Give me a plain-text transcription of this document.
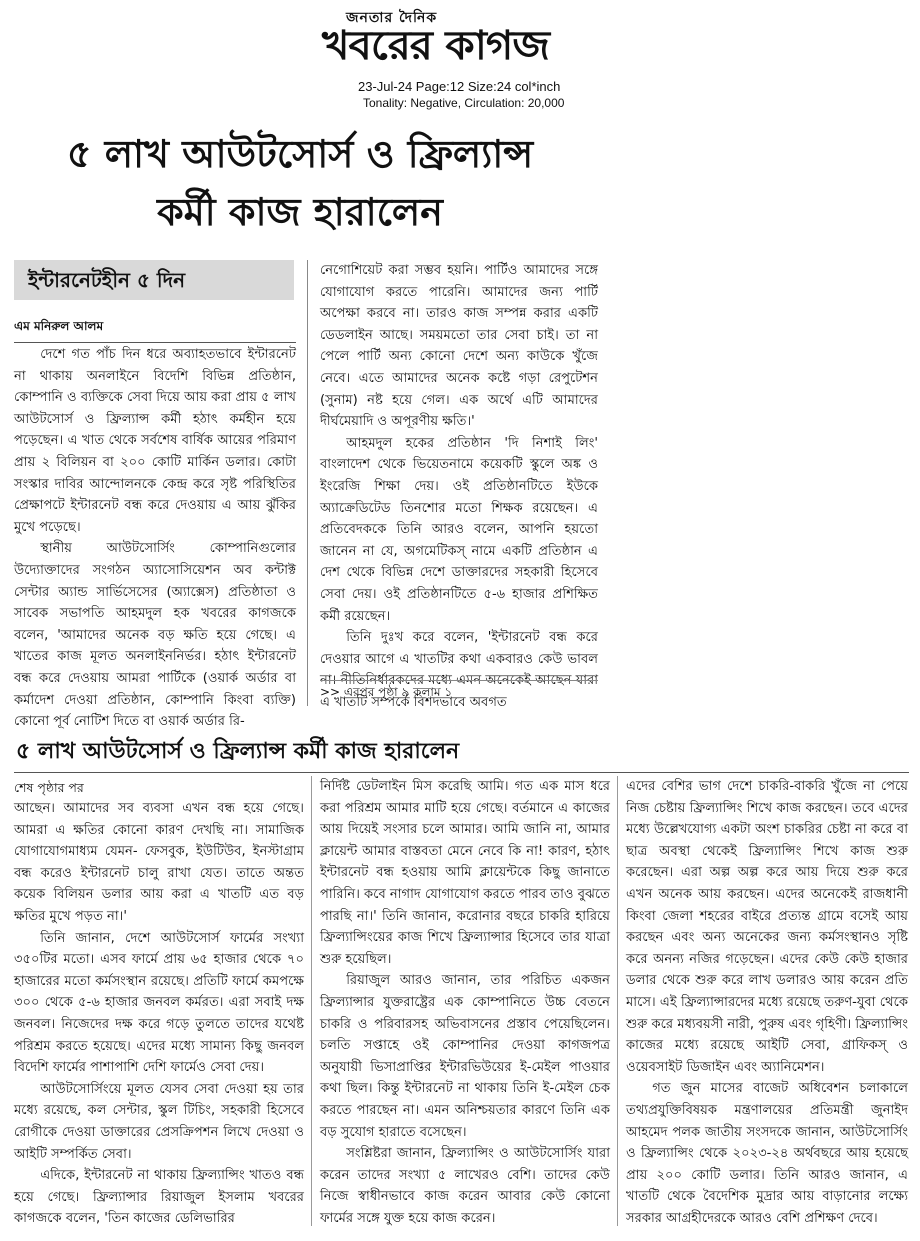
জনতার দৈনিক
খবরের কাগজ
23-Jul-24 Page:12 Size:24 col*inch
Tonality: Negative, Circulation: 20,000
৫ লাখ আউটসোর্স ও ফ্রিল্যান্স
কর্মী কাজ হারালেন
ইন্টারনেটহীন ৫ দিন
এম মনিরুল আলম

দেশে গত পাঁচ দিন ধরে অব্যাহতভাবে ইন্টারনেট না থাকায় অনলাইনে বিদেশি বিভিন্ন প্রতিষ্ঠান, কোম্পানি ও ব্যক্তিকে সেবা দিয়ে আয় করা প্রায় ৫ লাখ আউটসোর্স ও ফ্রিল্যান্স কর্মী হঠাৎ কর্মহীন হয়ে পড়েছেন। এ খাত থেকে সর্বশেষ বার্ষিক আয়ের পরিমাণ প্রায় ২ বিলিয়ন বা ২০০ কোটি মার্কিন ডলার। কোটা সংস্কার দাবির আন্দোলনকে কেন্দ্র করে সৃষ্ট পরিস্থিতির প্রেক্ষাপটে ইন্টারনেট বন্ধ করে দেওয়ায় এ আয় ঝুঁকির মুখে পড়েছে।

স্থানীয় আউটসোর্সিং কোম্পানিগুলোর উদ্যোক্তাদের সংগঠন অ্যাসোসিয়েশন অব কন্টাক্ট সেন্টার অ্যান্ড সার্ভিসেসের (অ্যাক্সেস) প্রতিষ্ঠাতা ও সাবেক সভাপতি আহমদুল হক খবরের কাগজকে বলেন, 'আমাদের অনেক বড় ক্ষতি হয়ে গেছে। এ খাতের কাজ মূলত অনলাইননির্ভর। হঠাৎ ইন্টারনেট বন্ধ করে দেওয়ায় আমরা পার্টিকে (ওয়ার্ক অর্ডার বা কর্মাদেশ দেওয়া প্রতিষ্ঠান, কোম্পানি কিংবা ব্যক্তি) কোনো পূর্ব নোটিশ দিতে বা ওয়ার্ক অর্ডার রি-

নেগোশিয়েট করা সম্ভব হয়নি। পার্টিও আমাদের সঙ্গে যোগাযোগ করতে পারেনি। আমাদের জন্য পার্টি অপেক্ষা করবে না। তারও কাজ সম্পন্ন করার একটি ডেডলাইন আছে। সময়মতো তার সেবা চাই। তা না পেলে পার্টি অন্য কোনো দেশে অন্য কাউকে খুঁজে নেবে। এতে আমাদের অনেক কষ্টে গড়া রেপুটেশন (সুনাম) নষ্ট হয়ে গেল। এক অর্থে এটি আমাদের দীর্ঘমেয়াদি ও অপূরণীয় ক্ষতি।'

আহমদুল হকের প্রতিষ্ঠান 'দি নিশাই লিং' বাংলাদেশ থেকে ভিয়েতনামে কয়েকটি স্কুলে অঙ্ক ও ইংরেজি শিক্ষা দেয়। ওই প্রতিষ্ঠানটিতে ইউকে অ্যাক্রেডিটেড তিনশোর মতো শিক্ষক রয়েছেন। এ প্রতিবেদককে তিনি আরও বলেন, আপনি হয়তো জানেন না যে, অগমেটিকস্‌ নামে একটি প্রতিষ্ঠান এ দেশ থেকে বিভিন্ন দেশে ডাক্তারদের সহকারী হিসেবে সেবা দেয়। ওই প্রতিষ্ঠানটিতে ৫-৬ হাজার প্রশিক্ষিত কর্মী রয়েছেন।

তিনি দুঃখ করে বলেন, 'ইন্টারনেট বন্ধ করে দেওয়ার আগে এ খাতটির কথা একবারও কেউ ভাবল না। নীতিনির্ধারকদের মধ্যে এমন অনেকেই আছেন যারা এ খাতটি সম্পর্কে বিশদভাবে অবগত

>> এরপর পৃষ্ঠা ৯ কলাম ১
৫ লাখ আউটসোর্স ও ফ্রিল্যান্স কর্মী কাজ হারালেন
শেষ পৃষ্ঠার পর

আছেন। আমাদের সব ব্যবসা এখন বন্ধ হয়ে গেছে। আমরা এ ক্ষতির কোনো কারণ দেখছি না। সামাজিক যোগাযোগমাধ্যম যেমন- ফেসবুক, ইউটিউব, ইনস্টাগ্রাম বন্ধ করেও ইন্টারনেট চালু রাখা যেত। তাতে অন্তত কয়েক বিলিয়ন ডলার আয় করা এ খাতটি এত বড় ক্ষতির মুখে পড়ত না।'

তিনি জানান, দেশে আউটসোর্স ফার্মের সংখ্যা ৩৫০টির মতো। এসব ফার্মে প্রায় ৬৫ হাজার থেকে ৭০ হাজারের মতো কর্মসংস্থান রয়েছে। প্রতিটি ফার্মে কমপক্ষে ৩০০ থেকে ৫-৬ হাজার জনবল কর্মরত। এরা সবাই দক্ষ জনবল। নিজেদের দক্ষ করে গড়ে তুলতে তাদের যথেষ্ট পরিশ্রম করতে হয়েছে। এদের মধ্যে সামান্য কিছু জনবল বিদেশি ফার্মের পাশাপাশি দেশি ফার্মেও সেবা দেয়।

আউটসোর্সিংয়ে মূলত যেসব সেবা দেওয়া হয় তার মধ্যে রয়েছে, কল সেন্টার, স্কুল টিচিং, সহকারী হিসেবে রোগীকে দেওয়া ডাক্তারের প্রেসক্রিপশন লিখে দেওয়া ও আইটি সম্পর্কিত সেবা।

এদিকে, ইন্টারনেট না থাকায় ফ্রিল্যান্সিং খাতও বন্ধ হয়ে গেছে। ফ্রিল্যান্সার রিয়াজুল ইসলাম খবরের কাগজকে বলেন, 'তিন কাজের ডেলিভারির

নির্দিষ্ট ডেটলাইন মিস করেছি আমি। গত এক মাস ধরে করা পরিশ্রম আমার মাটি হয়ে গেছে। বর্তমানে এ কাজের আয় দিয়েই সংসার চলে আমার। আমি জানি না, আমার ক্লায়েন্ট আমার বাস্তবতা মেনে নেবে কি না! কারণ, হঠাৎ ইন্টারনেট বন্ধ হওয়ায় আমি ক্লায়েন্টকে কিছু জানাতে পারিনি। কবে নাগাদ যোগাযোগ করতে পারব তাও বুঝতে পারছি না।' তিনি জানান, করোনার বছরে চাকরি হারিয়ে ফ্রিল্যান্সিংয়ের কাজ শিখে ফ্রিল্যান্সার হিসেবে তার যাত্রা শুরু হয়েছিল।

রিয়াজুল আরও জানান, তার পরিচিত একজন ফ্রিল্যান্সার যুক্তরাষ্ট্রের এক কোম্পানিতে উচ্চ বেতনে চাকরি ও পরিবারসহ অভিবাসনের প্রস্তাব পেয়েছিলেন। চলতি সপ্তাহে ওই কোম্পানির দেওয়া কাগজপত্র অনুযায়ী ভিসাপ্রাপ্তির ইন্টারভিউয়ের ই-মেইল পাওয়ার কথা ছিল। কিন্তু ইন্টারনেট না থাকায় তিনি ই-মেইল চেক করতে পারছেন না। এমন অনিশ্চয়তার কারণে তিনি এক বড় সুযোগ হারাতে বসেছেন।

সংশ্লিষ্টরা জানান, ফ্রিল্যান্সিং ও আউটসোর্সিং যারা করেন তাদের সংখ্যা ৫ লাখেরও বেশি। তাদের কেউ নিজে স্বাধীনভাবে কাজ করেন আবার কেউ কোনো ফার্মের সঙ্গে যুক্ত হয়ে কাজ করেন।

এদের বেশির ভাগ দেশে চাকরি-বাকরি খুঁজে না পেয়ে নিজ চেষ্টায় ফ্রিল্যান্সিং শিখে কাজ করছেন। তবে এদের মধ্যে উল্লেখযোগ্য একটা অংশ চাকরির চেষ্টা না করে বা ছাত্র অবস্থা থেকেই ফ্রিল্যান্সিং শিখে কাজ শুরু করেছেন। এরা অল্প অল্প করে আয় দিয়ে শুরু করে এখন অনেক আয় করছেন। এদের অনেকেই রাজধানী কিংবা জেলা শহরের বাইরে প্রত্যন্ত গ্রামে বসেই আয় করছেন এবং অন্য অনেকের জন্য কর্মসংস্থানও সৃষ্টি করে অনন্য নজির গড়েছেন। এদের কেউ কেউ হাজার ডলার থেকে শুরু করে লাখ ডলারও আয় করেন প্রতি মাসে। এই ফ্রিল্যান্সারদের মধ্যে রয়েছে তরুণ-যুবা থেকে শুরু করে মধ্যবয়সী নারী, পুরুষ এবং গৃহিণী। ফ্রিল্যান্সিং কাজের মধ্যে রয়েছে আইটি সেবা, গ্রাফিকস্‌ ও ওয়েবসাইট ডিজাইন এবং অ্যানিমেশন।

গত জুন মাসের বাজেট অধিবেশন চলাকালে তথ্যপ্রযুক্তিবিষয়ক মন্ত্রণালয়ের প্রতিমন্ত্রী জুনাইদ আহমেদ পলক জাতীয় সংসদকে জানান, আউটসোর্সিং ও ফ্রিল্যান্সিং থেকে ২০২৩-২৪ অর্থবছরে আয় হয়েছে প্রায় ২০০ কোটি ডলার। তিনি আরও জানান, এ খাতটি থেকে বৈদেশিক মুদ্রার আয় বাড়ানোর লক্ষ্যে সরকার আগ্রহীদেরকে আরও বেশি প্রশিক্ষণ দেবে।
